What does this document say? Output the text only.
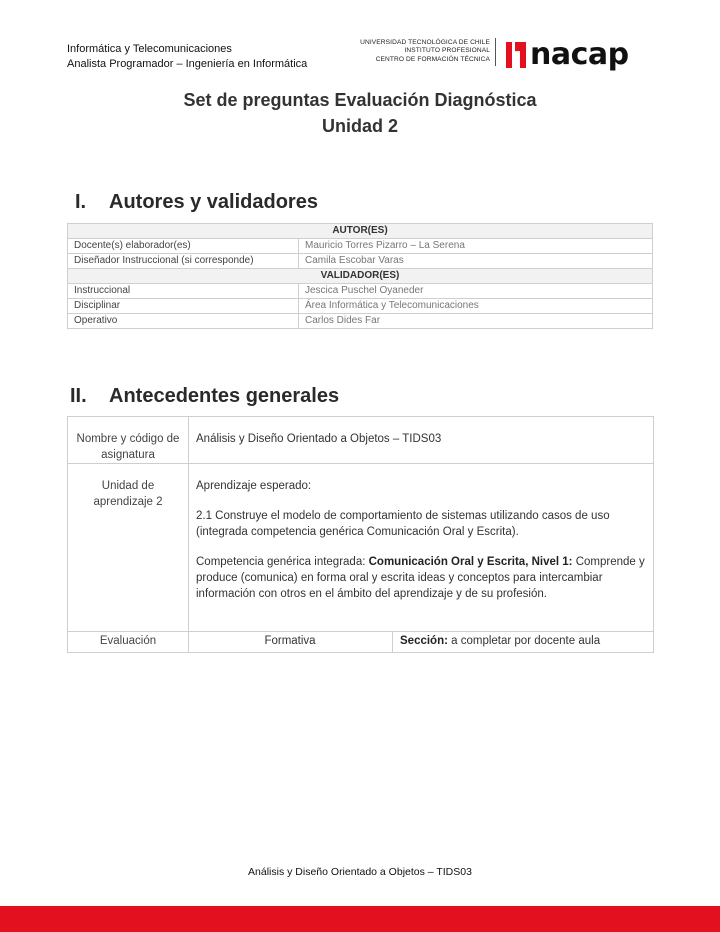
Informática y Telecomunicaciones
Analista Programador – Ingeniería en Informática
UNIVERSIDAD TECNOLÓGICA DE CHILE
INSTITUTO PROFESIONAL
CENTRO DE FORMACIÓN TÉCNICA nacap
Set de preguntas Evaluación Diagnóstica
Unidad 2
I. Autores y validadores
AUTOR(ES)	
Docente(s) elaborador(es)	Mauricio Torres Pizarro – La Serena
Diseñador Instruccional (si corresponde)	Camila Escobar Varas
VALIDADOR(ES)	
Instruccional	Jescica Puschel Oyaneder
Disciplinar	Área Informática y Telecomunicaciones
Operativo	Carlos Dides Far
II. Antecedentes generales
Nombre y código de asignatura	Análisis y Diseño Orientado a Objetos – TIDS03	
Unidad de aprendizaje 2	Aprendizaje esperado:
2.1 Construye el modelo de comportamiento de sistemas utilizando casos de uso (integrada competencia genérica Comunicación Oral y Escrita).
Competencia genérica integrada: Comunicación Oral y Escrita, Nivel 1: Comprende y produce (comunica) en forma oral y escrita ideas y conceptos para intercambiar información con otros en el ámbito del aprendizaje y de su profesión.	

Evaluación	Formativa	Sección: a completar por docente aula
Análisis y Diseño Orientado a Objetos – TIDS03
